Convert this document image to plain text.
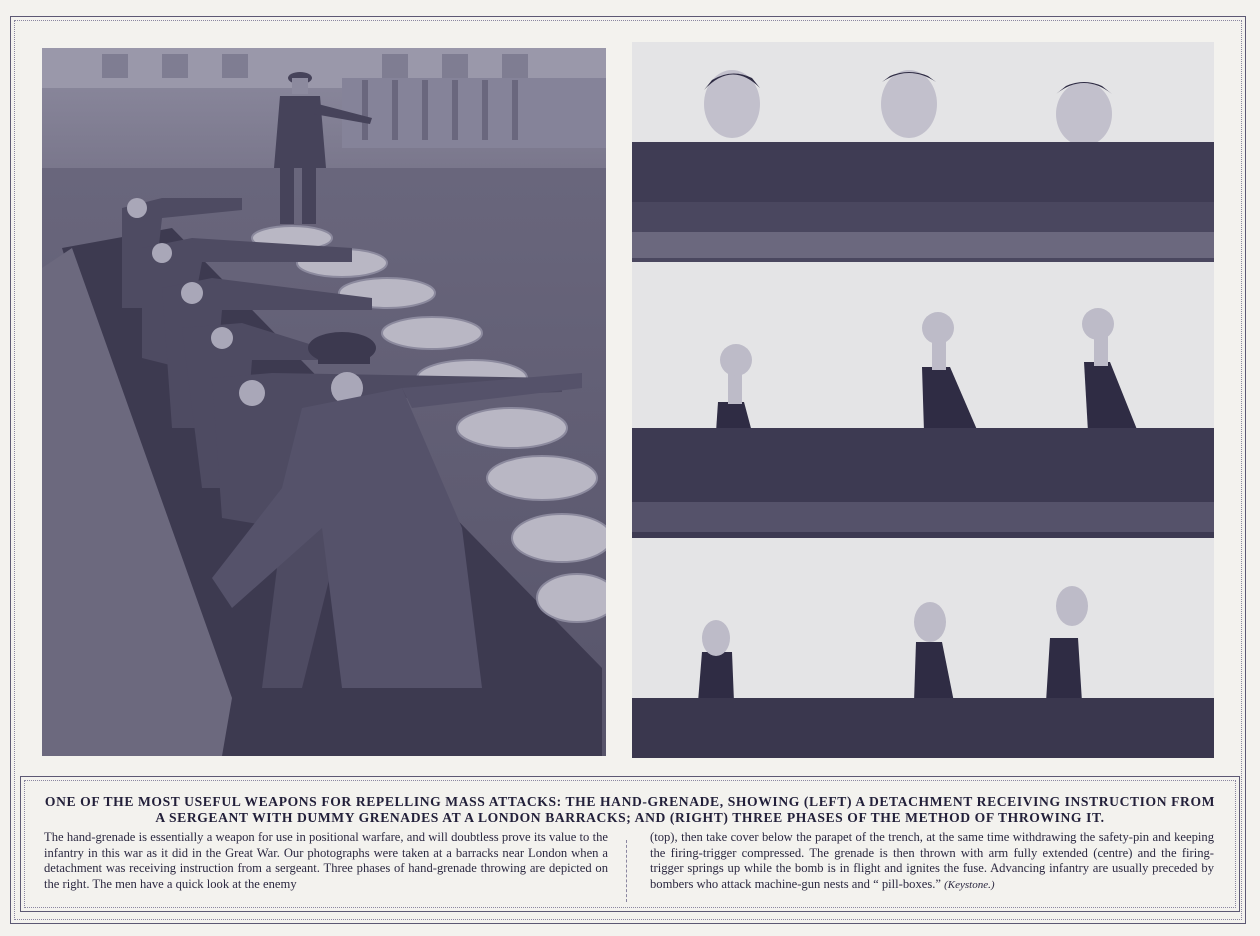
ONE OF THE MOST USEFUL WEAPONS FOR REPELLING MASS ATTACKS: THE HAND-GRENADE, SHOWING (LEFT) A DETACHMENT RECEIVING INSTRUCTION FROM A SERGEANT WITH DUMMY GRENADES AT A LONDON BARRACKS; AND (RIGHT) THREE PHASES OF THE METHOD OF THROWING IT.
The hand-grenade is essentially a weapon for use in positional warfare, and will doubtless prove its value to the infantry in this war as it did in the Great War. Our photographs were taken at a barracks near London when a detachment was receiving instruction from a sergeant. Three phases of hand-grenade throwing are depicted on the right. The men have a quick look at the enemy
(top), then take cover below the parapet of the trench, at the same time withdrawing the safety-pin and keeping the firing-trigger compressed. The grenade is then thrown with arm fully extended (centre) and the firing-trigger springs up while the bomb is in flight and ignites the fuse. Advancing infantry are usually preceded by bombers who attack machine-gun nests and “ pill-boxes.” (Keystone.)
